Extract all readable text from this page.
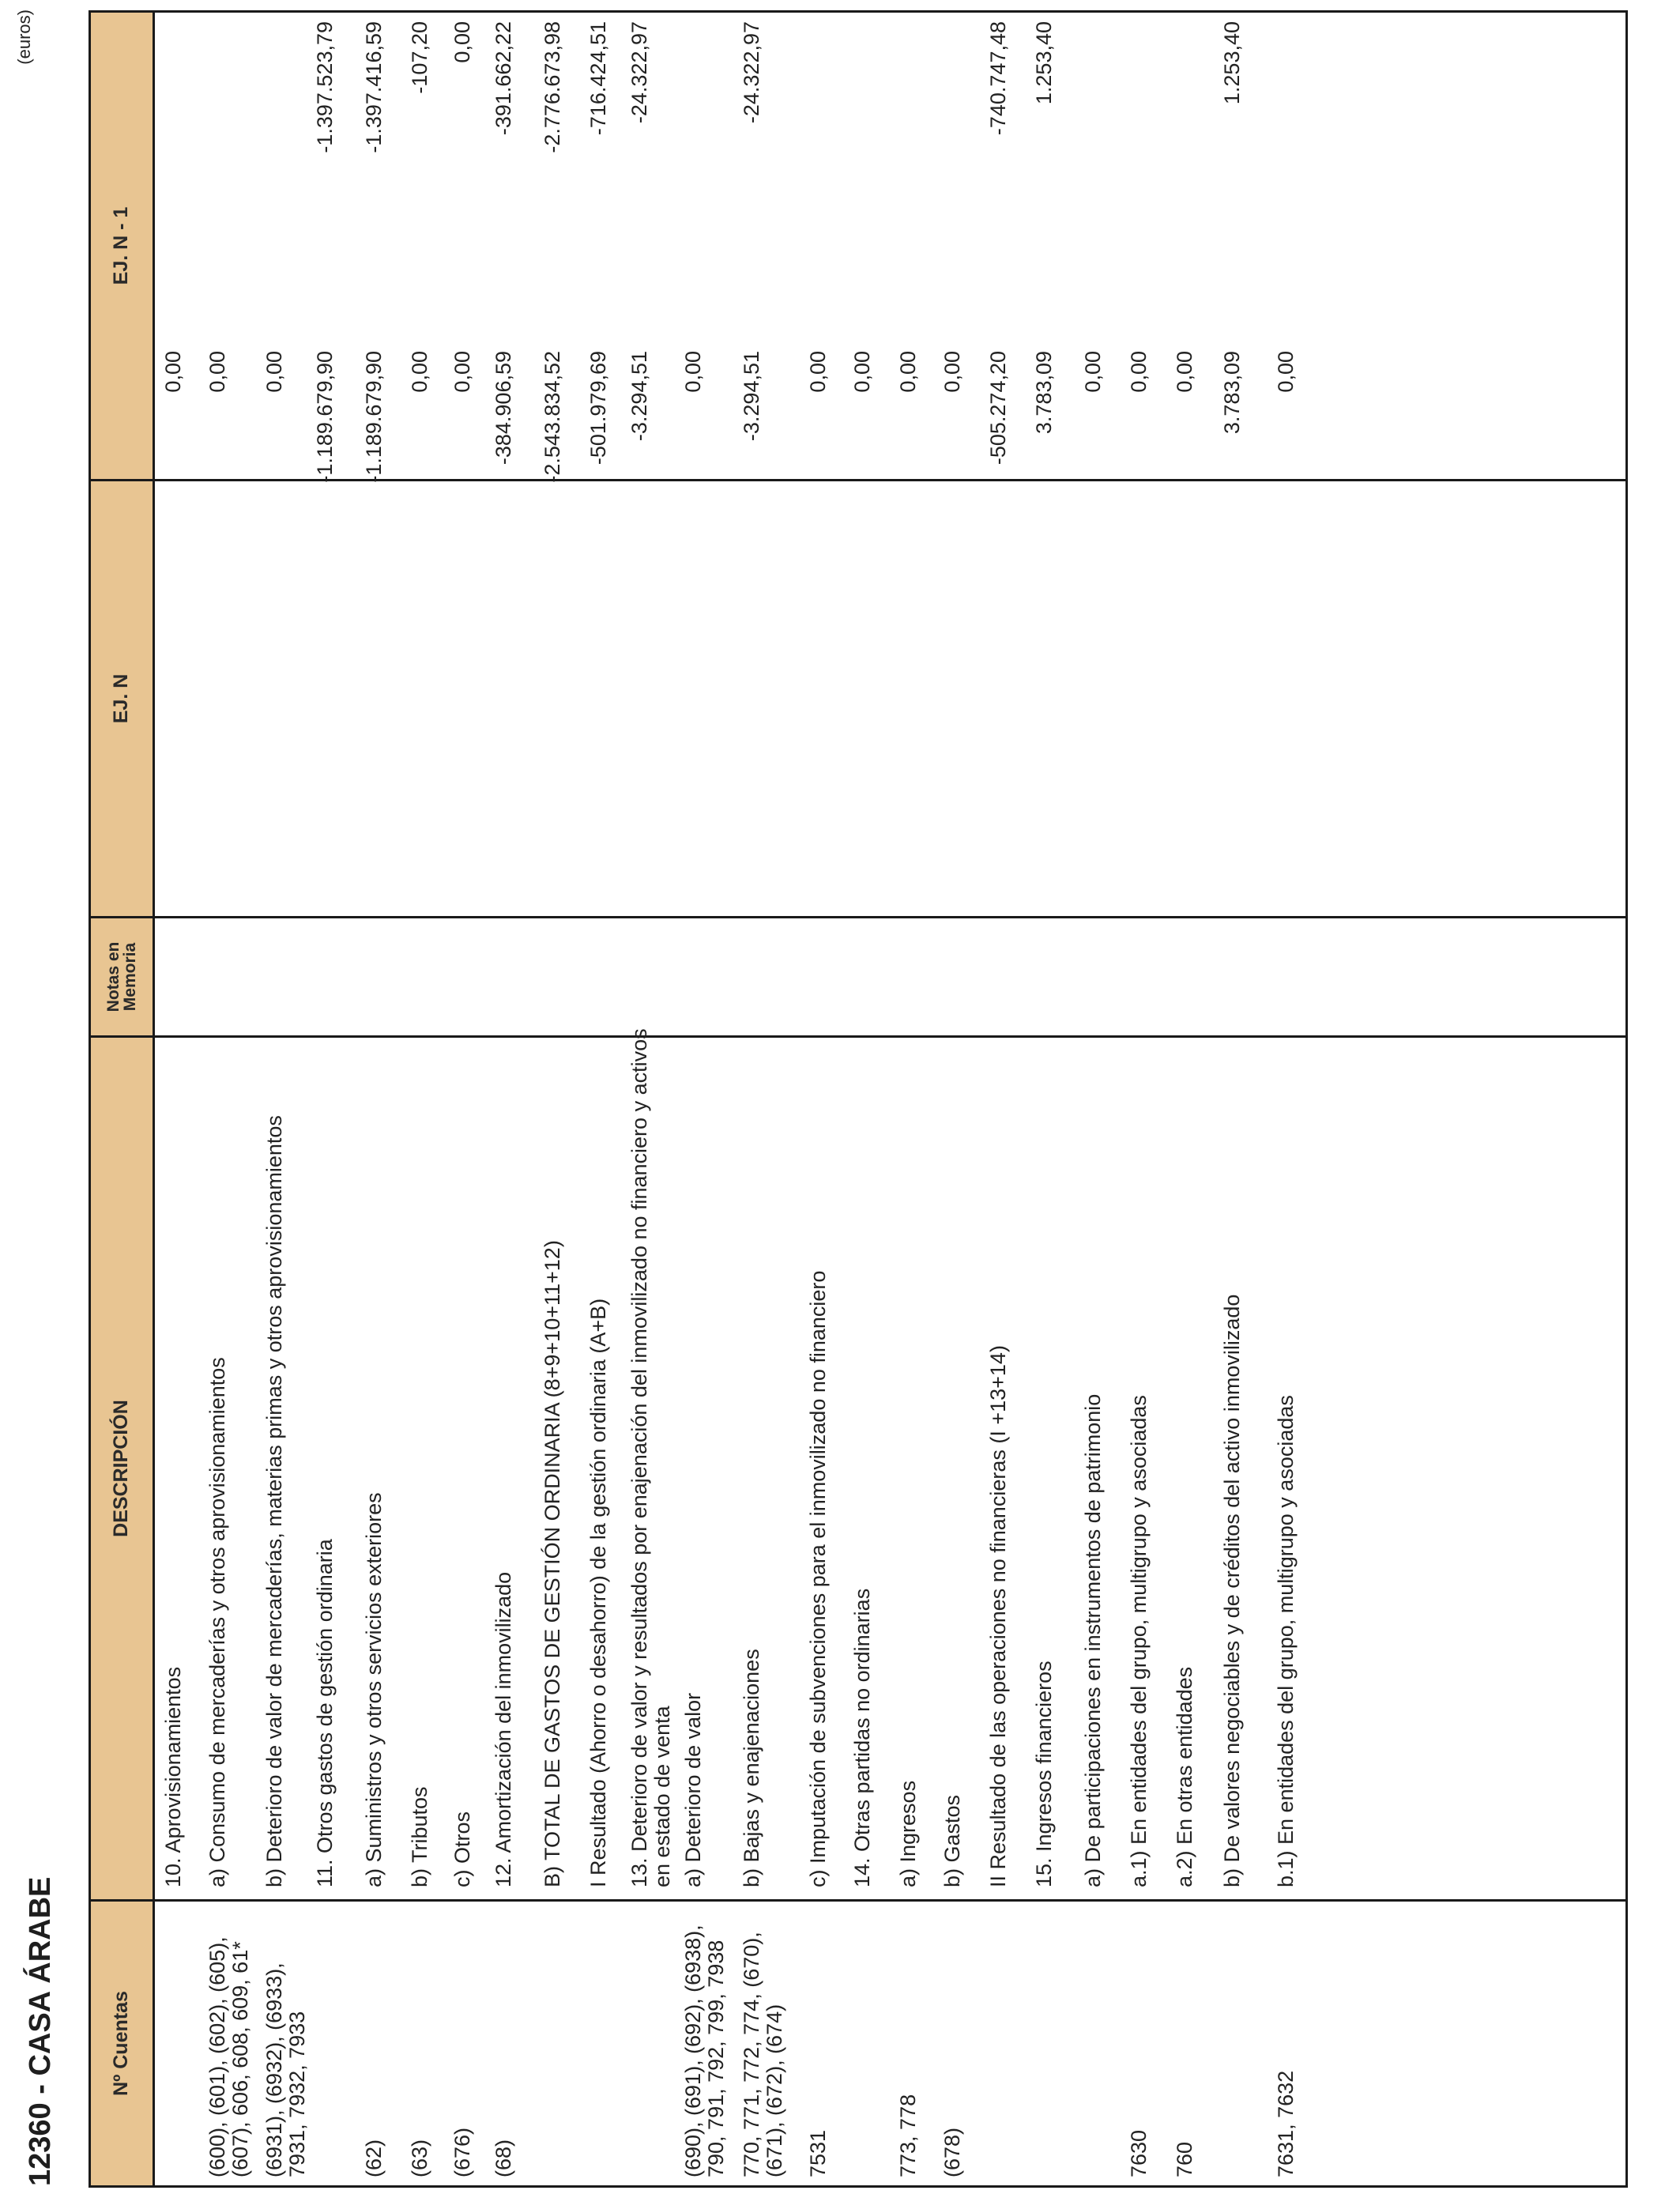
12360 - CASA ÁRABE
(euros)
Nº Cuentas
DESCRIPCIÓN
Notas en Memoria
EJ. N
EJ. N - 1
10. Aprovisionamientos
0,00
(600), (601), (602), (605), (607), 606, 608, 609, 61*
a) Consumo de mercaderías y otros aprovisionamientos
0,00
(6931), (6932), (6933), 7931, 7932, 7933
b) Deterioro de valor de mercaderías, materias primas y otros aprovisionamientos
0,00
11. Otros gastos de gestión ordinaria
-1.189.679,90
-1.397.523,79
(62)
a) Suministros y otros servicios exteriores
-1.189.679,90
-1.397.416,59
(63)
b) Tributos
0,00
-107,20
(676)
c) Otros
0,00
0,00
(68)
12. Amortización del inmovilizado
-384.906,59
-391.662,22
B) TOTAL DE GASTOS DE GESTIÓN ORDINARIA (8+9+10+11+12)
-2.543.834,52
-2.776.673,98
I Resultado (Ahorro o desahorro) de la gestión ordinaria (A+B)
-501.979,69
-716.424,51
13. Deterioro de valor y resultados por enajenación del inmovilizado no financiero y activos en estado de venta
-3.294,51
-24.322,97
(690), (691), (692), (6938), 790, 791, 792, 799, 7938
a) Deterioro de valor
0,00
770, 771, 772, 774, (670), (671), (672), (674)
b) Bajas y enajenaciones
-3.294,51
-24.322,97
7531
c) Imputación de subvenciones para el inmovilizado no financiero
0,00
14. Otras partidas no ordinarias
0,00
773, 778
a) Ingresos
0,00
(678)
b) Gastos
0,00
II Resultado de las operaciones no financieras (I +13+14)
-505.274,20
-740.747,48
15. Ingresos financieros
3.783,09
1.253,40
a) De participaciones en instrumentos de patrimonio
0,00
7630
a.1) En entidades del grupo, multigrupo y asociadas
0,00
760
a.2) En otras entidades
0,00
b) De valores negociables y de créditos del activo inmovilizado
3.783,09
1.253,40
7631, 7632
b.1) En entidades del grupo, multigrupo y asociadas
0,00
